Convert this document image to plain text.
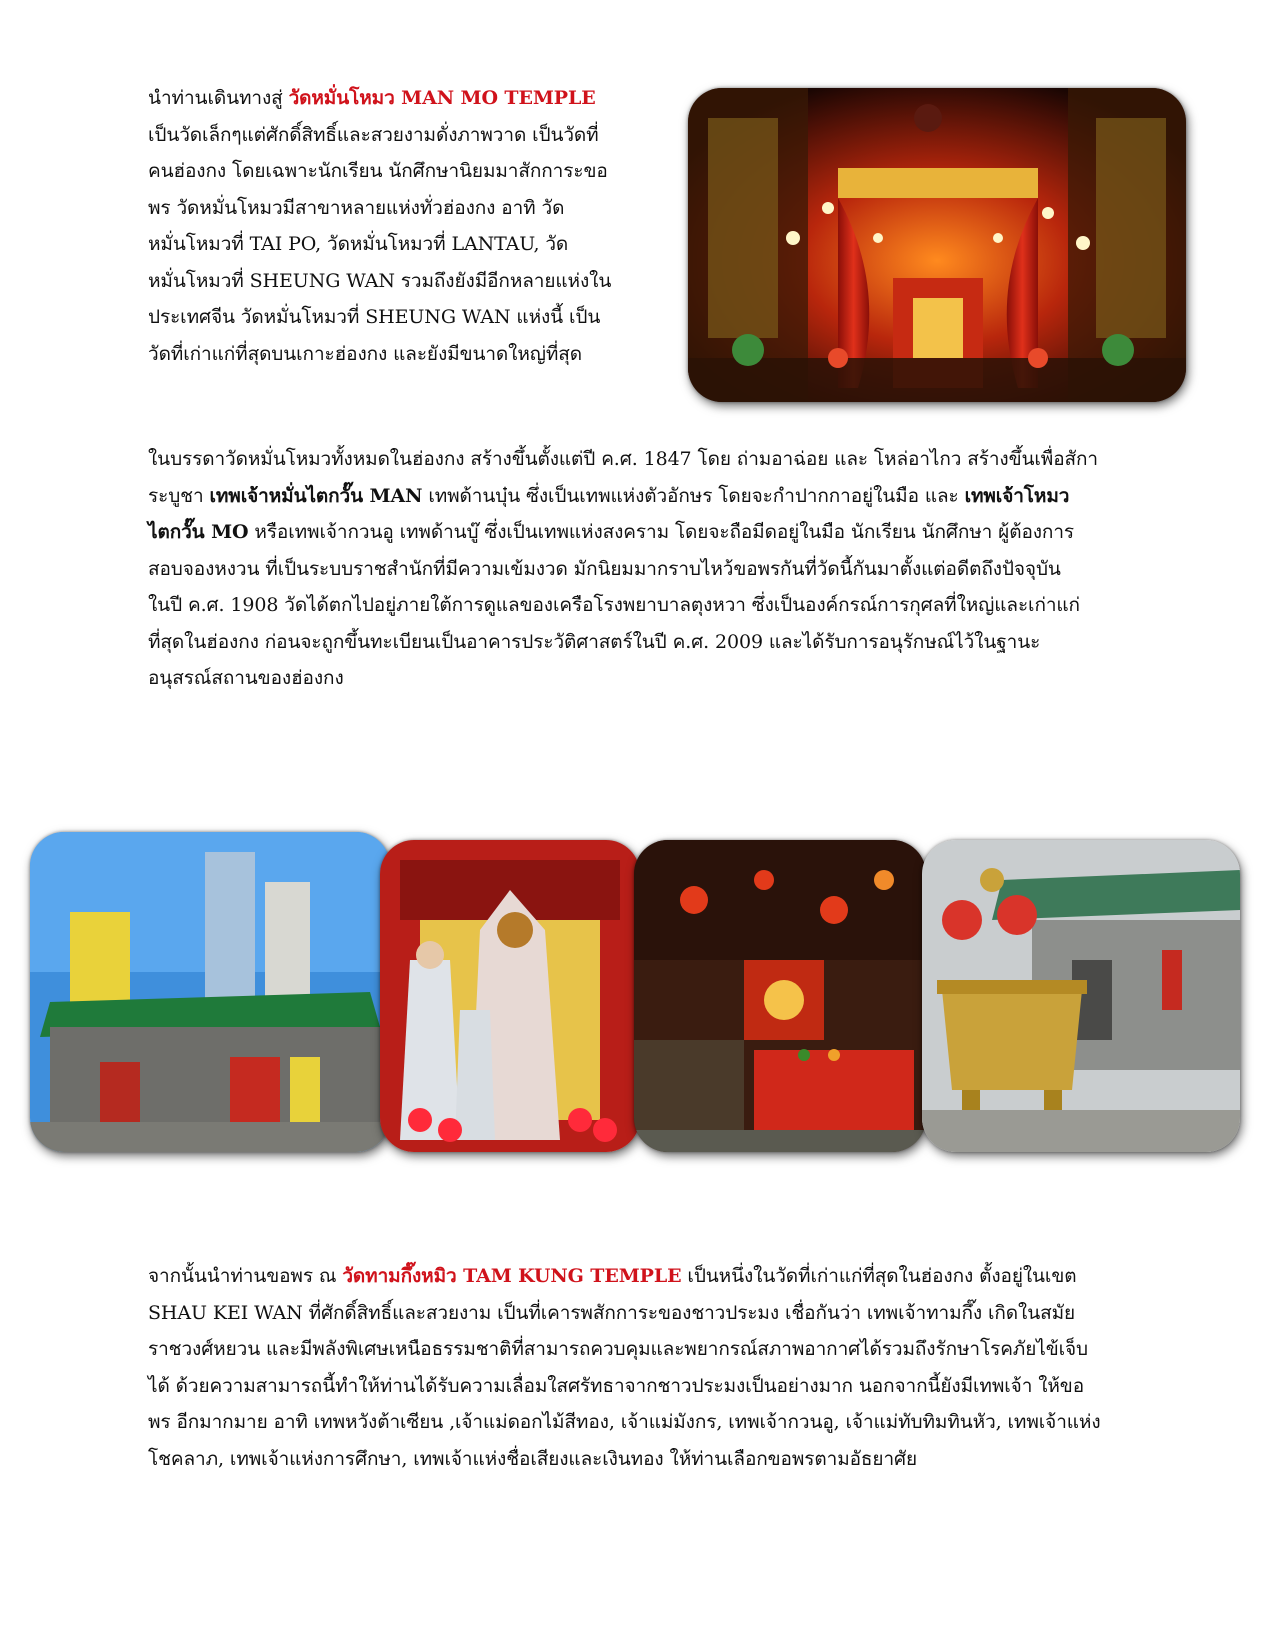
นำท่านเดินทางสู่ วัดหมั่นโหมว MAN MO TEMPLE
เป็นวัดเล็กๆแต่ศักดิ์สิทธิ์และสวยงามดั่งภาพวาด เป็นวัดที่
คนฮ่องกง โดยเฉพาะนักเรียน นักศึกษานิยมมาสักการะขอ
พร วัดหมั่นโหมวมีสาขาหลายแห่งทั่วฮ่องกง อาทิ วัด
หมั่นโหมวที่ TAI PO, วัดหมั่นโหมวที่ LANTAU, วัด
หมั่นโหมวที่ SHEUNG WAN รวมถึงยังมีอีกหลายแห่งใน
ประเทศจีน วัดหมั่นโหมวที่ SHEUNG WAN แห่งนี้ เป็น
วัดที่เก่าแก่ที่สุดบนเกาะฮ่องกง และยังมีขนาดใหญ่ที่สุด
ในบรรดาวัดหมั่นโหมวทั้งหมดในฮ่องกง สร้างขึ้นตั้งแต่ปี ค.ศ. 1847 โดย ถ่ามอาฉ่อย และ โหล่อาไกว สร้างขึ้นเพื่อสักา
ระบูชา เทพเจ้าหมั่นไตกวั๊น MAN เทพด้านบุ๋น ซึ่งเป็นเทพแห่งตัวอักษร โดยจะกำปากกาอยู่ในมือ และ เทพเจ้าโหมว
ไตกวั๊น MO หรือเทพเจ้ากวนอู เทพด้านบู๊ ซึ่งเป็นเทพแห่งสงคราม โดยจะถือมีดอยู่ในมือ นักเรียน นักศึกษา ผู้ต้องการ
สอบจองหงวน ที่เป็นระบบราชสำนักที่มีความเข้มงวด มักนิยมมากราบไหว้ขอพรกันที่วัดนี้กันมาตั้งแต่อดีตถึงปัจจุบัน
ในปี ค.ศ. 1908 วัดได้ตกไปอยู่ภายใต้การดูแลของเครือโรงพยาบาลตุงหวา ซึ่งเป็นองค์กรณ์การกุศลที่ใหญ่และเก่าแก่
ที่สุดในฮ่องกง ก่อนจะถูกขึ้นทะเบียนเป็นอาคารประวัติศาสตร์ในปี ค.ศ. 2009 และได้รับการอนุรักษณ์ไว้ในฐานะ
อนุสรณ์สถานของฮ่องกง
จากนั้นนำท่านขอพร ณ วัดทามกึ๊งหมิว TAM KUNG TEMPLE เป็นหนึ่งในวัดที่เก่าแก่ที่สุดในฮ่องกง ตั้งอยู่ในเขต
SHAU KEI WAN ที่ศักดิ์สิทธิ์และสวยงาม เป็นที่เคารพสักการะของชาวประมง เชื่อกันว่า เทพเจ้าทามกึ๊ง เกิดในสมัย
ราชวงศ์หยวน และมีพลังพิเศษเหนือธรรมชาติที่สามารถควบคุมและพยากรณ์สภาพอากาศได้รวมถึงรักษาโรคภัยไข้เจ็บ
ได้ ด้วยความสามารถนี้ทำให้ท่านได้รับความเลื่อมใสศรัทธาจากชาวประมงเป็นอย่างมาก นอกจากนี้ยังมีเทพเจ้า ให้ขอ
พร อีกมากมาย อาทิ เทพหวังต้าเซียน ,เจ้าแม่ดอกไม้สีทอง, เจ้าแม่มังกร, เทพเจ้ากวนอู, เจ้าแม่ทับทิมทินหัว, เทพเจ้าแห่ง
โชคลาภ, เทพเจ้าแห่งการศึกษา, เทพเจ้าแห่งชื่อเสียงและเงินทอง ให้ท่านเลือกขอพรตามอัธยาศัย
